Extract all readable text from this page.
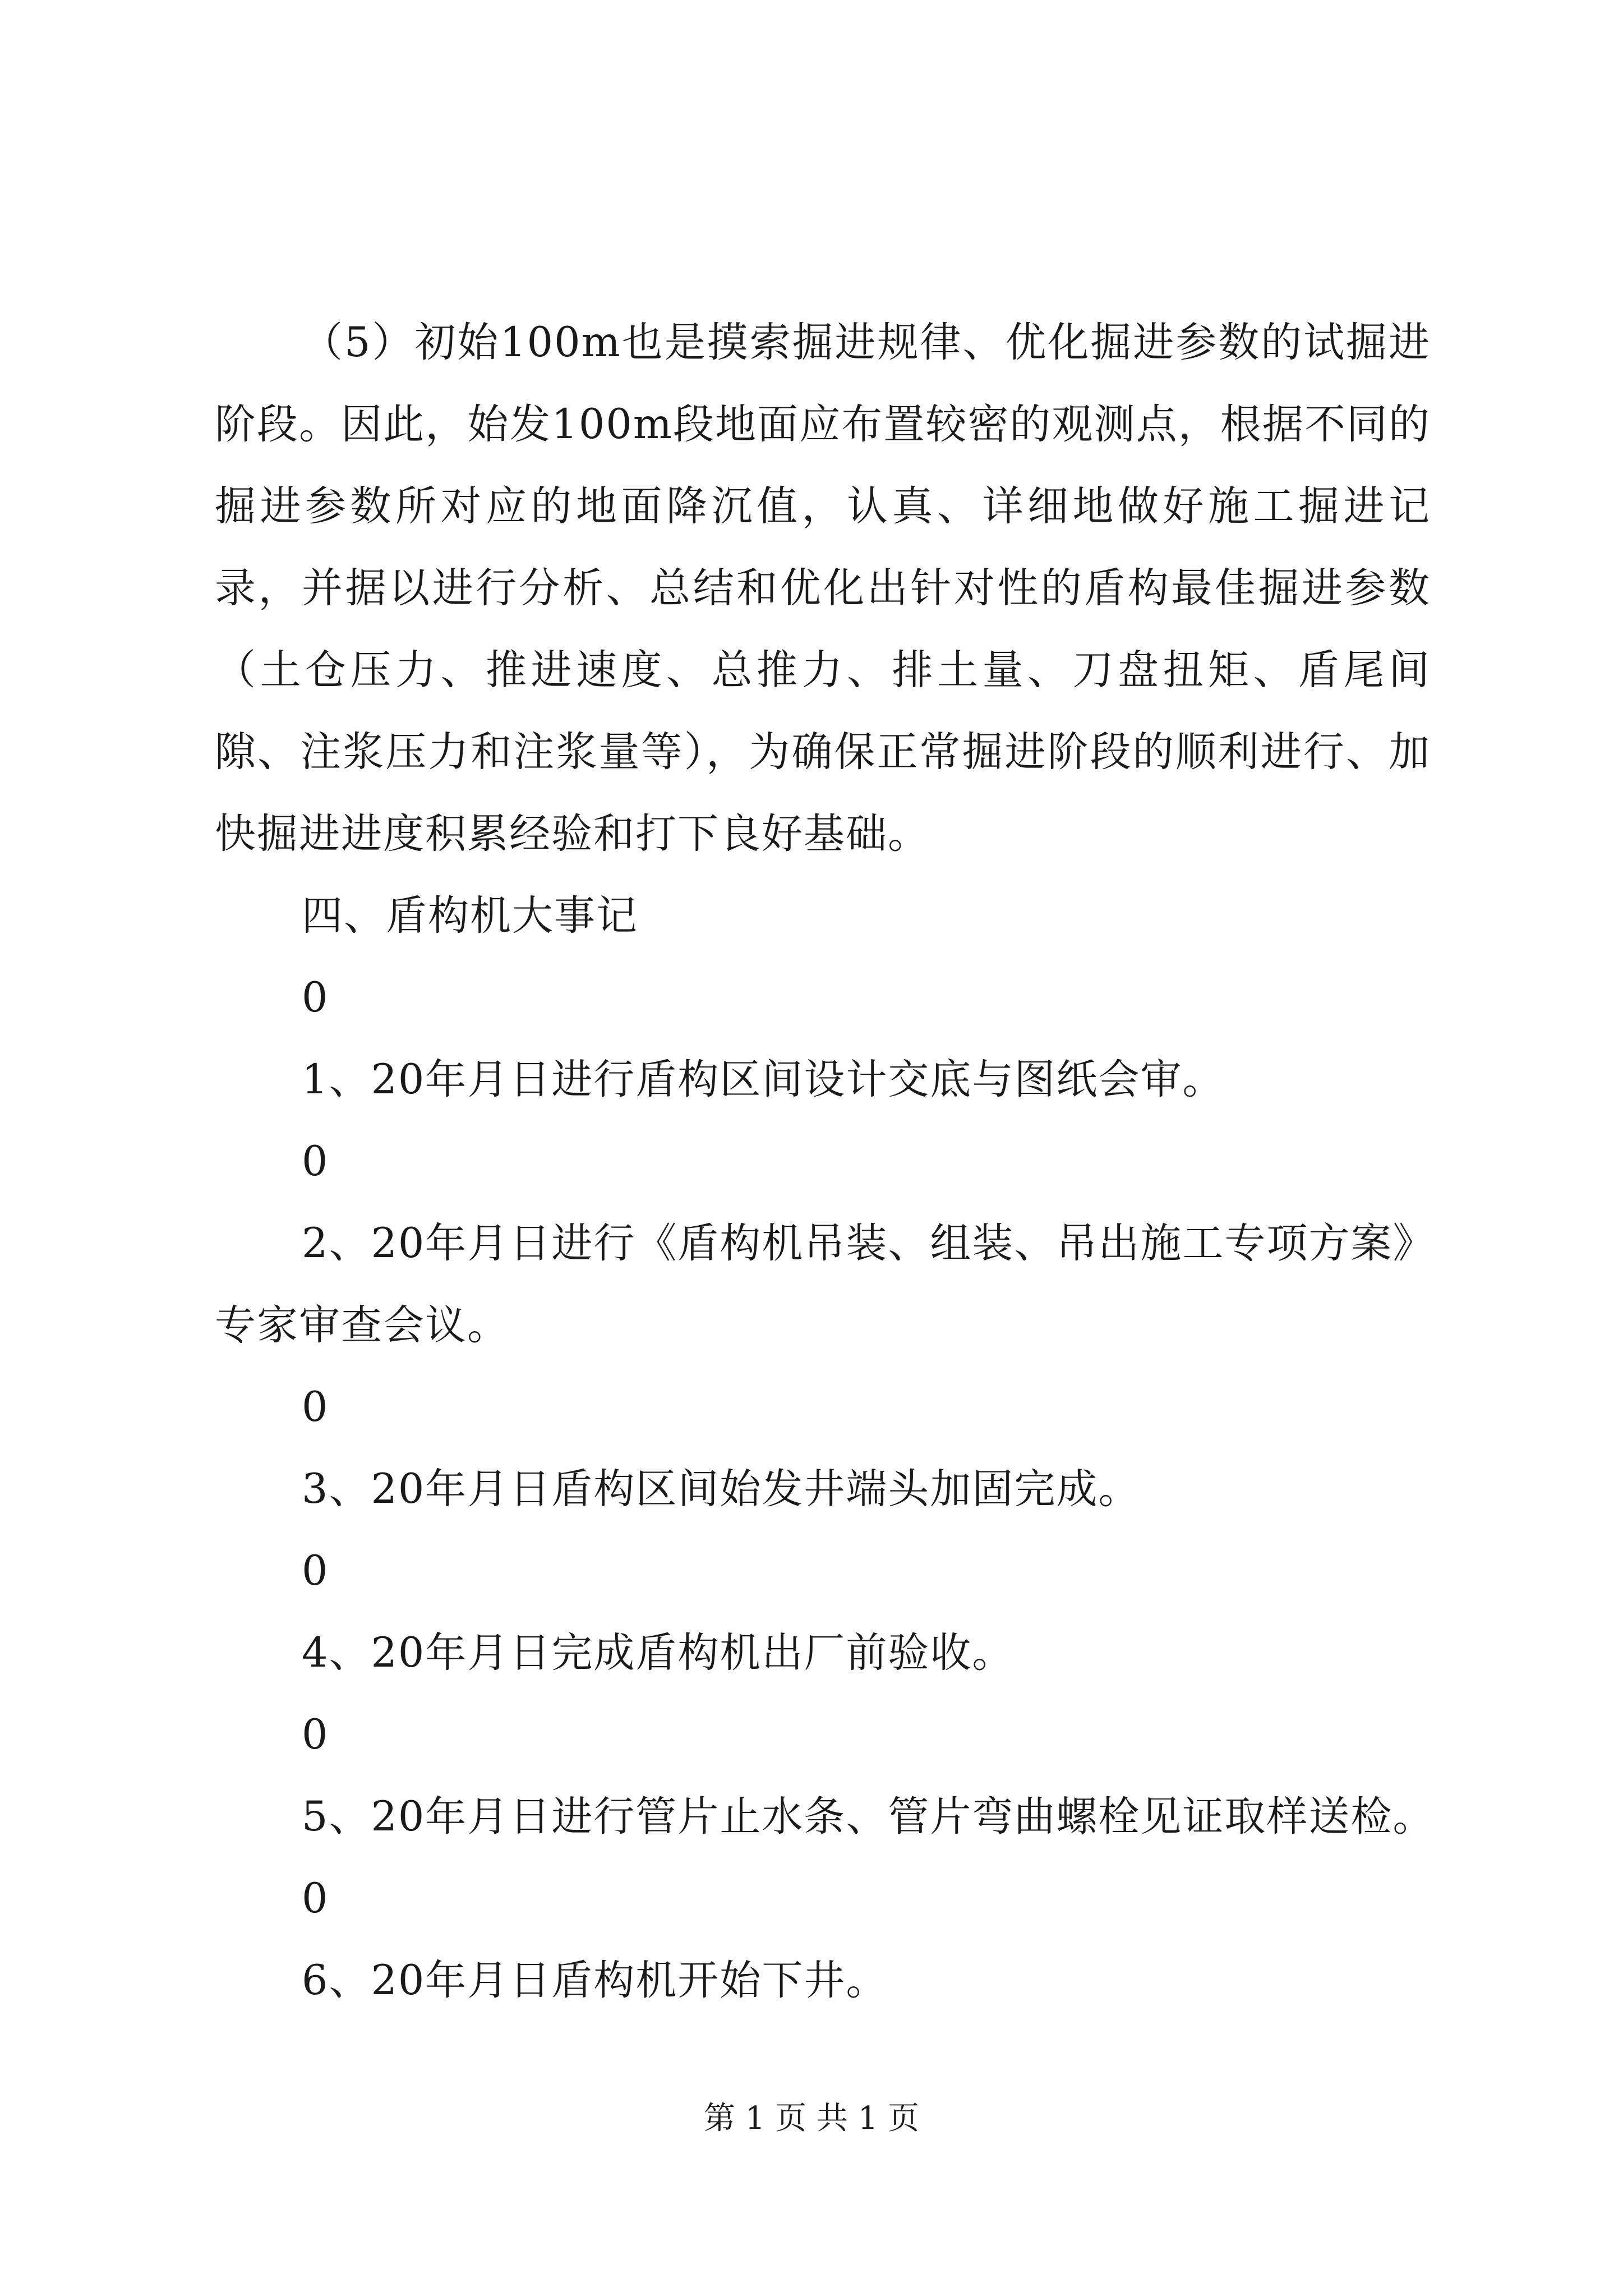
（5）初始100m也是摸索掘进规律、优化掘进参数的试掘进阶段。因此，始发100m段地面应布置较密的观测点，根据不同的掘进参数所对应的地面降沉值，认真、详细地做好施工掘进记录，并据以进行分析、总结和优化出针对性的盾构最佳掘进参数（土仓压力、推进速度、总推力、排土量、刀盘扭矩、盾尾间隙、注浆压力和注浆量等），为确保正常掘进阶段的顺利进行、加快掘进进度积累经验和打下良好基础。

四、盾构机大事记

0

1、20年月日进行盾构区间设计交底与图纸会审。

0

2、20年月日进行《盾构机吊装、组装、吊出施工专项方案》

专家审查会议。

0

3、20年月日盾构区间始发井端头加固完成。

0

4、20年月日完成盾构机出厂前验收。

0

5、20年月日进行管片止水条、管片弯曲螺栓见证取样送检。

0

6、20年月日盾构机开始下井。

第 1 页 共 1 页
